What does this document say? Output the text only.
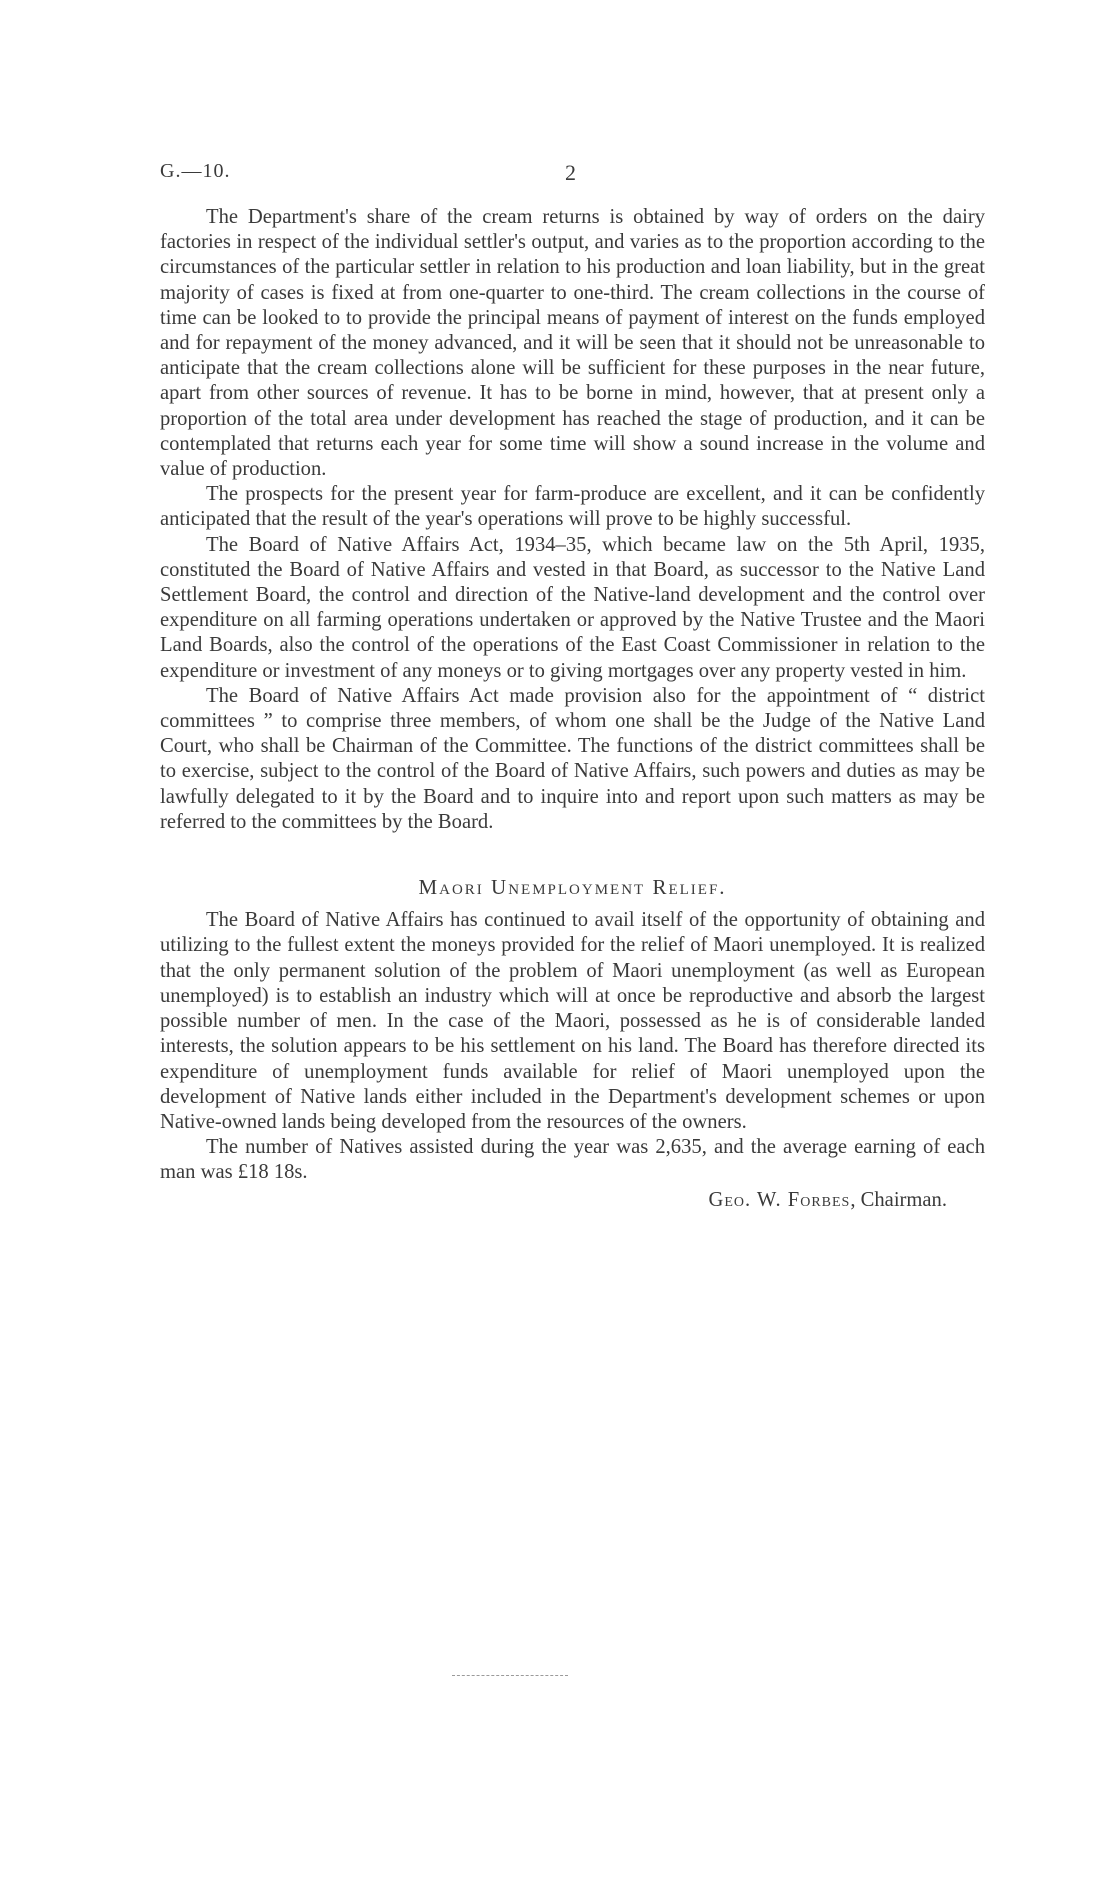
G.—10.	2

The Department's share of the cream returns is obtained by way of orders on the dairy factories in respect of the individual settler's output, and varies as to the proportion according to the circumstances of the particular settler in relation to his production and loan liability, but in the great majority of cases is fixed at from one-quarter to one-third. The cream collections in the course of time can be looked to to provide the principal means of payment of interest on the funds employed and for repayment of the money advanced, and it will be seen that it should not be unreasonable to anticipate that the cream collections alone will be sufficient for these purposes in the near future, apart from other sources of revenue. It has to be borne in mind, however, that at present only a proportion of the total area under development has reached the stage of production, and it can be contemplated that returns each year for some time will show a sound increase in the volume and value of production.

The prospects for the present year for farm-produce are excellent, and it can be confidently anticipated that the result of the year's operations will prove to be highly successful.

The Board of Native Affairs Act, 1934–35, which became law on the 5th April, 1935, constituted the Board of Native Affairs and vested in that Board, as successor to the Native Land Settlement Board, the control and direction of the Native-land development and the control over expenditure on all farming operations undertaken or approved by the Native Trustee and the Maori Land Boards, also the control of the operations of the East Coast Commissioner in relation to the expenditure or investment of any moneys or to giving mortgages over any property vested in him.

The Board of Native Affairs Act made provision also for the appointment of “ district committees ” to comprise three members, of whom one shall be the Judge of the Native Land Court, who shall be Chairman of the Committee. The functions of the district committees shall be to exercise, subject to the control of the Board of Native Affairs, such powers and duties as may be lawfully delegated to it by the Board and to inquire into and report upon such matters as may be referred to the committees by the Board.

Maori Unemployment Relief.

The Board of Native Affairs has continued to avail itself of the opportunity of obtaining and utilizing to the fullest extent the moneys provided for the relief of Maori unemployed. It is realized that the only permanent solution of the problem of Maori unemployment (as well as European unemployed) is to establish an industry which will at once be reproductive and absorb the largest possible number of men. In the case of the Maori, possessed as he is of considerable landed interests, the solution appears to be his settlement on his land. The Board has therefore directed its expenditure of unemployment funds available for relief of Maori unemployed upon the development of Native lands either included in the Department's development schemes or upon Native-owned lands being developed from the resources of the owners.

The number of Natives assisted during the year was 2,635, and the average earning of each man was £18 18s.

Geo. W. Forbes, Chairman.
